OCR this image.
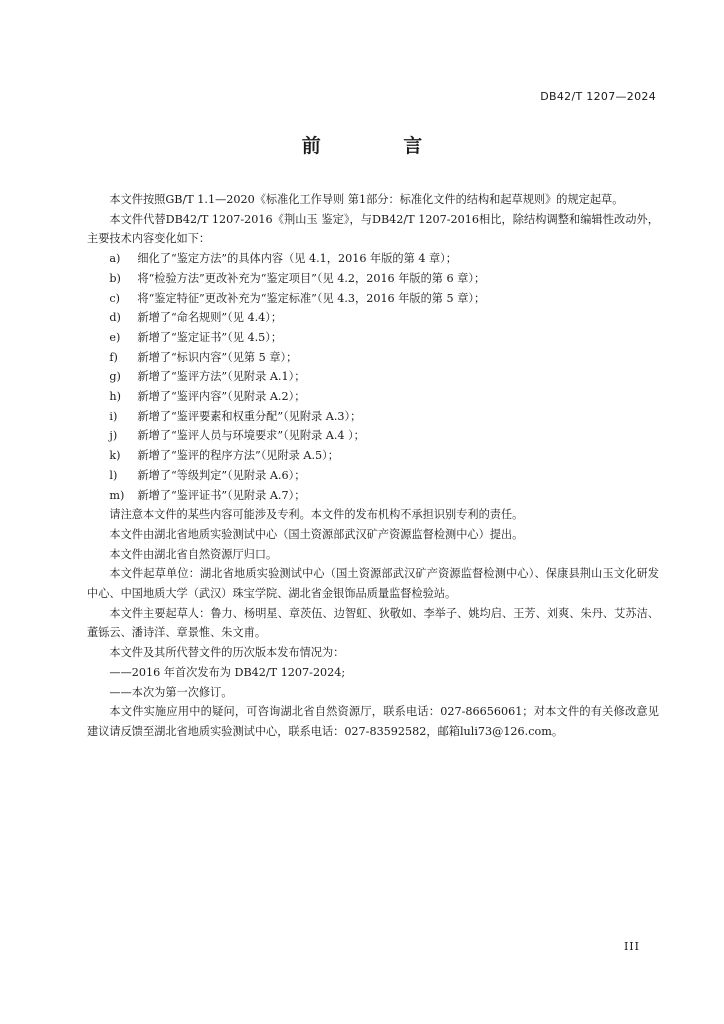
DB42/T 1207—2024
前 言

本文件按照GB/T 1.1—2020《标准化工作导则 第1部分：标准化文件的结构和起草规则》的规定起草。

本文件代替DB42/T 1207-2016《荆山玉 鉴定》，与DB42/T 1207-2016相比，除结构调整和编辑性改动外，主要技术内容变化如下：

a) 细化了“鉴定方法”的具体内容（见 4.1，2016 年版的第 4 章）；

b) 将“检验方法”更改补充为“鉴定项目”（见 4.2，2016 年版的第 6 章）；

c) 将“鉴定特征”更改补充为“鉴定标准”（见 4.3，2016 年版的第 5 章）；

d) 新增了“命名规则”（见 4.4）；

e) 新增了“鉴定证书”（见 4.5）；

f) 新增了“标识内容”（见第 5 章）；

g) 新增了“鉴评方法”（见附录 A.1）；

h) 新增了“鉴评内容”（见附录 A.2）；

i) 新增了“鉴评要素和权重分配”（见附录 A.3）；

j) 新增了“鉴评人员与环境要求”（见附录 A.4 ）；

k) 新增了“鉴评的程序方法”（见附录 A.5）；

l) 新增了“等级判定”（见附录 A.6）；

m) 新增了“鉴评证书”（见附录 A.7）；

请注意本文件的某些内容可能涉及专利。本文件的发布机构不承担识别专利的责任。

本文件由湖北省地质实验测试中心（国土资源部武汉矿产资源监督检测中心）提出。

本文件由湖北省自然资源厅归口。

本文件起草单位：湖北省地质实验测试中心（国土资源部武汉矿产资源监督检测中心）、保康县荆山玉文化研发中心、中国地质大学（武汉）珠宝学院、湖北省金银饰品质量监督检验站。

本文件主要起草人：鲁力、杨明星、章茨伍、边智虹、狄敬如、李举子、姚均启、王芳、刘爽、朱丹、艾苏洁、董铄云、潘诗洋、章景惟、朱文甫。

本文件及其所代替文件的历次版本发布情况为：

——2016 年首次发布为 DB42/T 1207-2024;

——本次为第一次修订。

本文件实施应用中的疑问，可咨询湖北省自然资源厅，联系电话：027-86656061；对本文件的有关修改意见建议请反馈至湖北省地质实验测试中心，联系电话：027-83592582，邮箱luli73@126.com。

III
